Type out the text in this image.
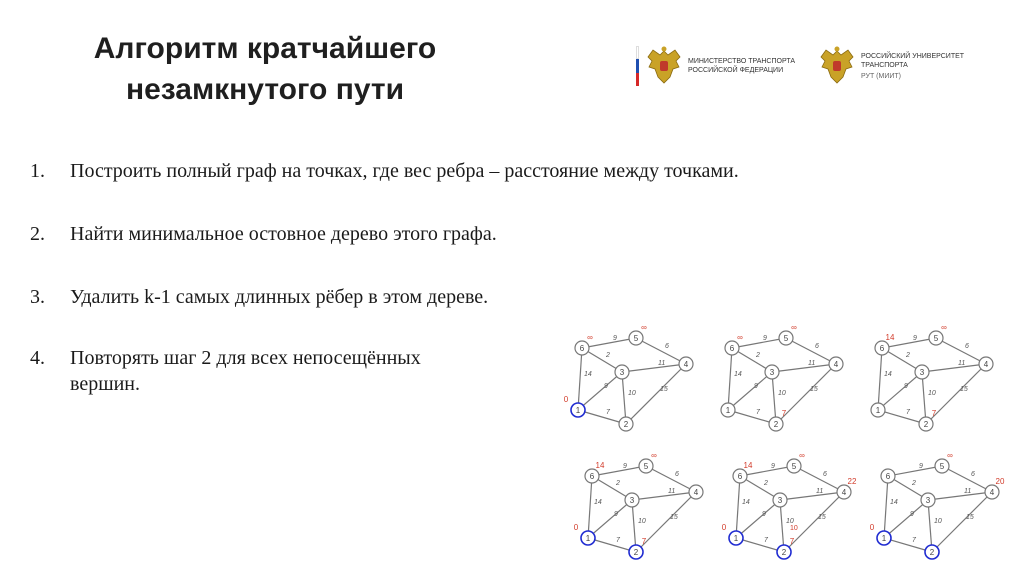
Алгоритм кратчайшего
незамкнутого пути
МИНИСТЕРСТВО ТРАНСПОРТА
РОССИЙСКОЙ ФЕДЕРАЦИИ
РОССИЙСКИЙ УНИВЕРСИТЕТ
ТРАНСПОРТА
РУТ (МИИТ)
1. Построить полный граф на точках, где вес ребра – расстояние между точками.
2. Найти минимальное остовное дерево этого графа.
3. Удалить k-1 самых длинных рёбер в этом дереве.
4. Повторять шаг 2 для всех непосещённых
вершин.
9
2
14
6
11
9
10
7
15
1
0
2
3
4
5
∞
6
∞	9
2
14
6
11
9
10
7
15
1
2
7
3
4
5
∞
6
∞	9
2
14
6
11
9
10
7
15
1
2
7
3
4
5
∞
6
14
9
2
14
6
11
9
10
7
15
1
0
2
7
3
4
5
∞
6
14	9
2
14
6
11
9
10
7
15
1
0
2
7
3
4
22
5
∞
6
14
10
9
2
14
6
11
9
10
7
15
1
0
2
3
4
20
5
∞
6
